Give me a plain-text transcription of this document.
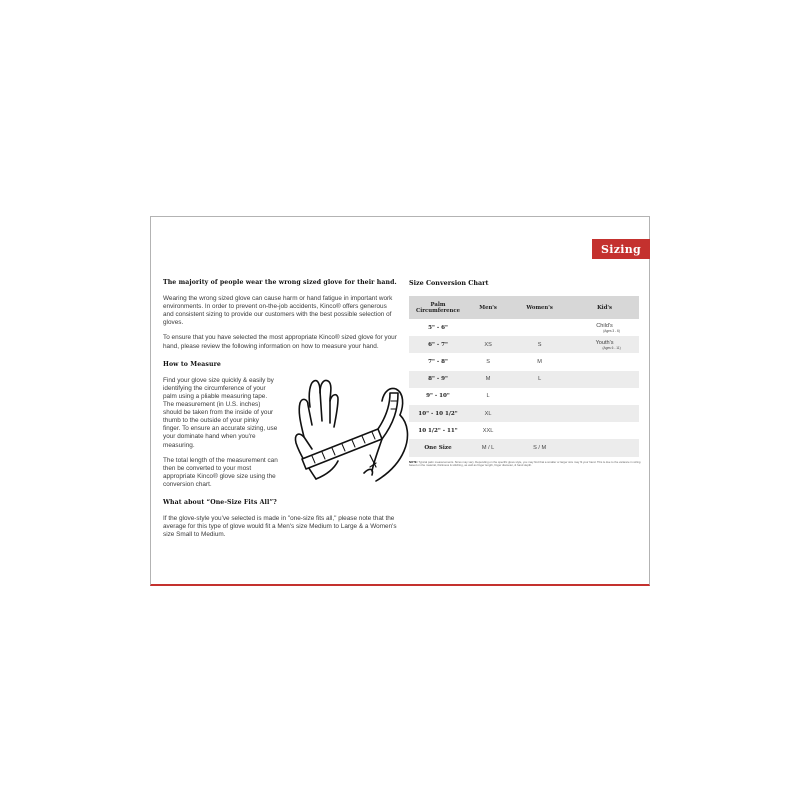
Sizing
The majority of people wear the wrong sized glove for their hand.

Wearing the wrong sized glove can cause harm or hand fatigue in important work environments. In order to prevent on-the-job accidents, Kinco® offers generous and consistent sizing to provide our customers with the best possible selection of gloves.

To ensure that you have selected the most appropriate Kinco® sized glove for your hand, please review the following information on how to measure your hand.

How to Measure

Find your glove size quickly & easily by identifying the circumference of your palm using a pliable measuring tape. The measurement (in U.S. inches) should be taken from the inside of your thumb to the outside of your pinky finger. To ensure an accurate sizing, use your dominate hand when you're measuring.

The total length of the measurement can then be converted to your most appropriate Kinco® glove size using the conversion chart.

What about “One-Size Fits All”?

If the glove-style you've selected is made in "one-size fits all," please note that the average for this type of glove would fit a Men's size Medium to Large & a Women's size Small to Medium.

Size Conversion Chart
Palm Circumference	Men's	Women's	Kid's
5" - 6"			Child's
(Ages 3 - 6)

6" - 7"	XS	S	Youth's
(Ages 6 - 11)

7" - 8"	S	M	

8" - 9"	M	L	

9" - 10"	L		

10" - 10 1/2"	XL		

10 1/2" - 11"	XXL		

One Size	M / L	S / M	
NOTE: Typical palm measurements. Sizes may vary. Depending on the specific glove style, you may find that a smaller or larger size may fit your hand. This is due to the variance in sizing based on the material, thickness & stitching, as well as finger length, finger diameter, & hand depth.
